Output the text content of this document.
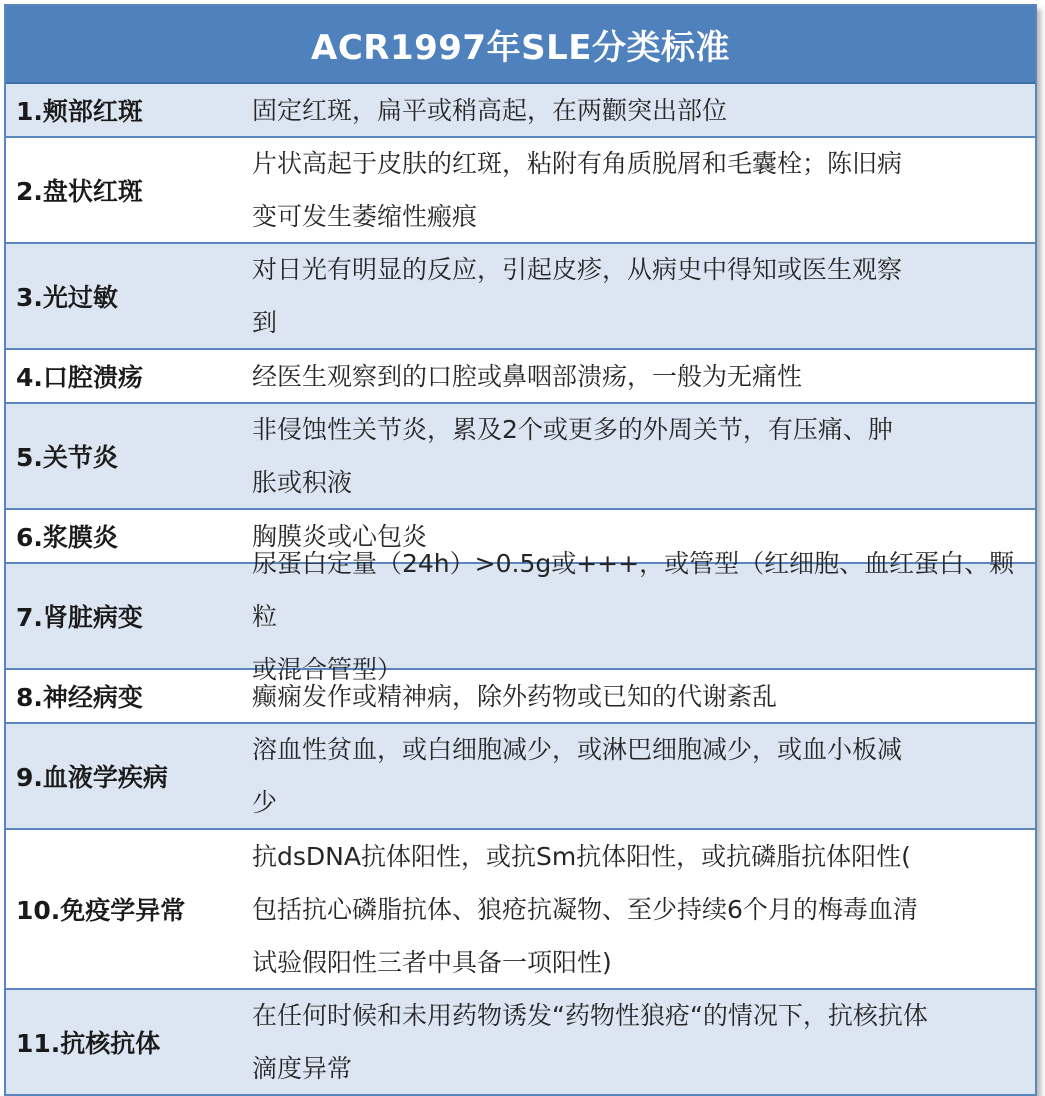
ACR1997年SLE分类标准
1.颊部红斑	固定红斑，扁平或稍高起，在两颧突出部位
2.盘状红斑
片状高起于皮肤的红斑，粘附有角质脱屑和毛囊栓；陈旧病
变可发生萎缩性瘢痕
3.光过敏
对日光有明显的反应，引起皮疹，从病史中得知或医生观察
到
4.口腔溃疡	经医生观察到的口腔或鼻咽部溃疡，一般为无痛性
5.关节炎
非侵蚀性关节炎，累及2个或更多的外周关节，有压痛、肿
胀或积液
6.浆膜炎	胸膜炎或心包炎
7.肾脏病变
尿蛋白定量（24h）>0.5g或+++，或管型（红细胞、血红蛋白、颗粒
或混合管型）
8.神经病变	癫痫发作或精神病，除外药物或已知的代谢紊乱
9.血液学疾病
溶血性贫血，或白细胞减少，或淋巴细胞减少，或血小板减
少
10.免疫学异常
抗dsDNA抗体阳性，或抗Sm抗体阳性，或抗磷脂抗体阳性(
包括抗心磷脂抗体、狼疮抗凝物、至少持续6个月的梅毒血清
试验假阳性三者中具备一项阳性)
11.抗核抗体
在任何时候和未用药物诱发“药物性狼疮“的情况下，抗核抗体
滴度异常
